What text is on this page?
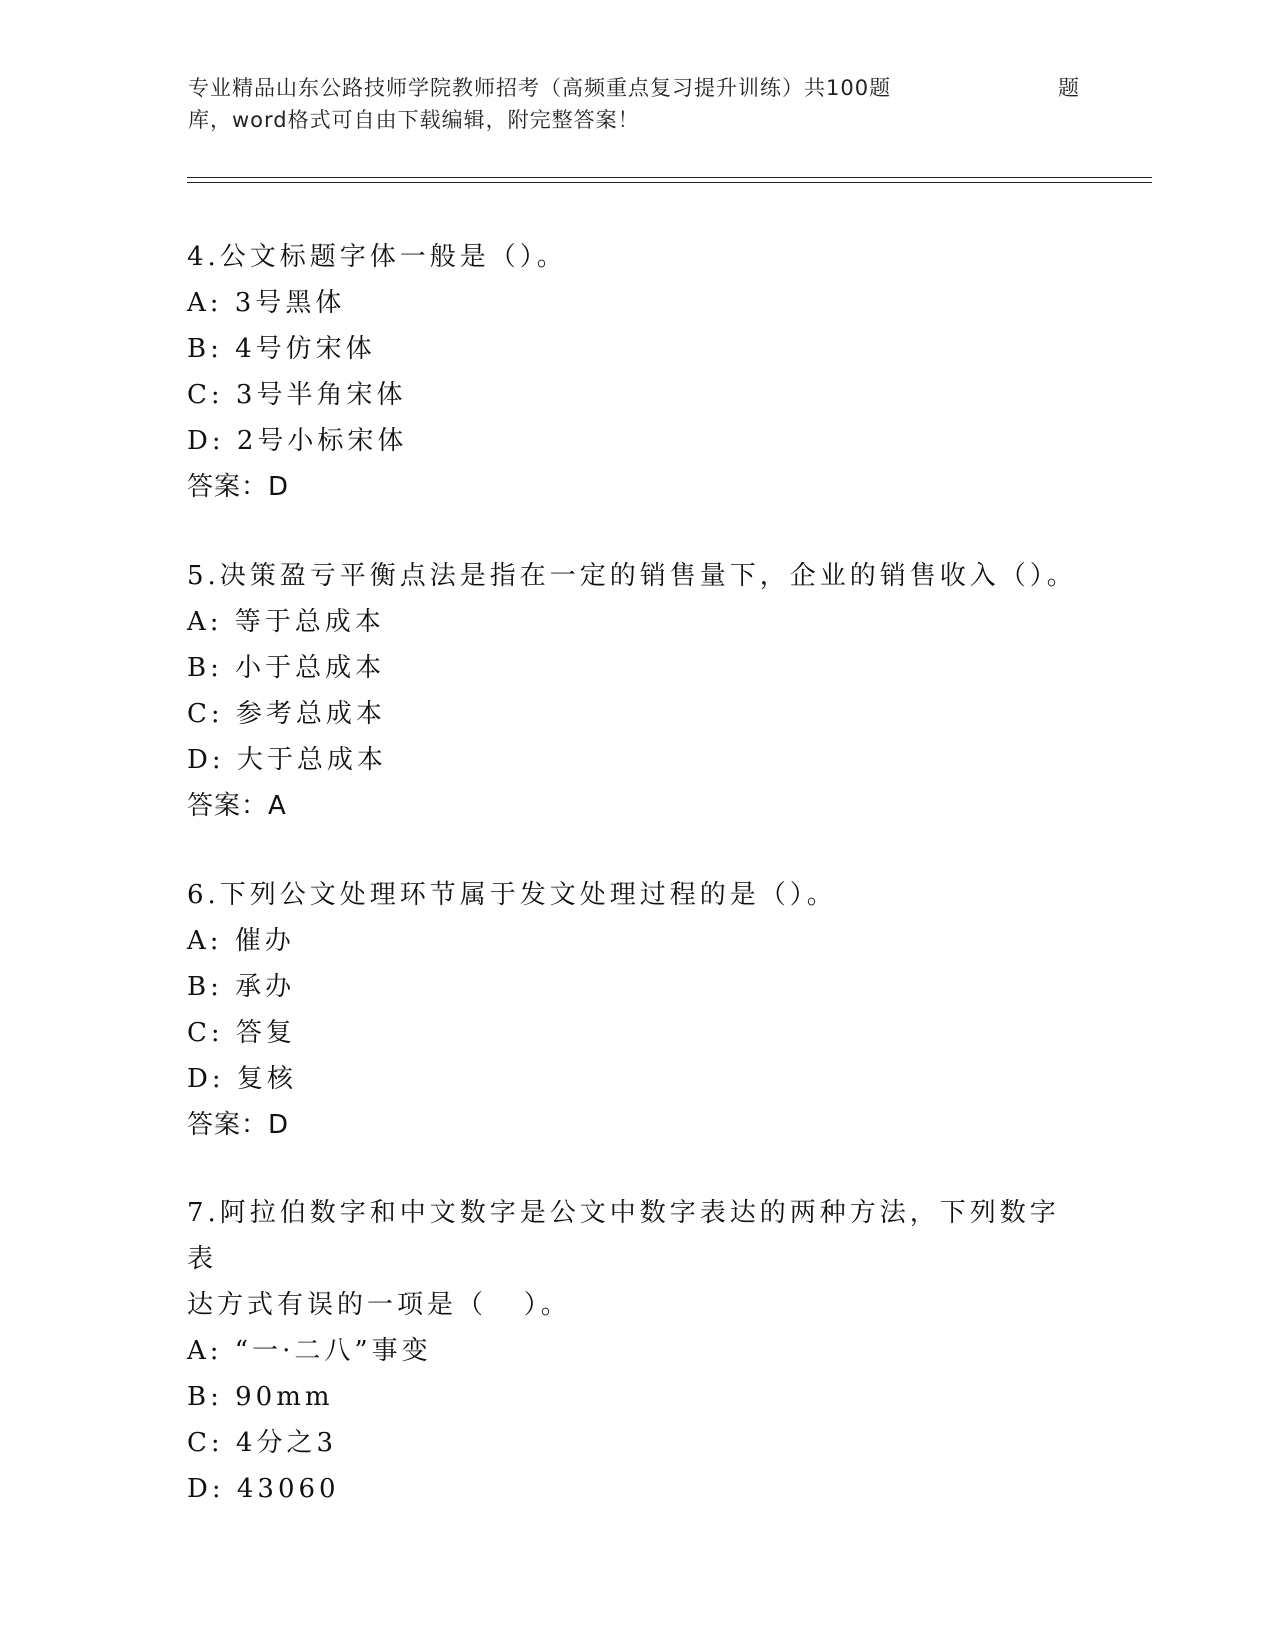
专业精品山东公路技师学院教师招考（高频重点复习提升训练）共100题	题
库，word格式可自由下载编辑，附完整答案！

4.公文标题字体一般是（）。

A: 3号黑体

B: 4号仿宋体

C: 3号半角宋体

D: 2号小标宋体

答案：D

5.决策盈亏平衡点法是指在一定的销售量下，企业的销售收入（）。

A: 等于总成本

B: 小于总成本

C: 参考总成本

D: 大于总成本

答案：A

6.下列公文处理环节属于发文处理过程的是（）。

A: 催办

B: 承办

C: 答复

D: 复核

答案：D

7.阿拉伯数字和中文数字是公文中数字表达的两种方法，下列数字表

达方式有误的一项是（   ）。

A: “一·二八”事变

B: 90mm

C: 4分之3

D: 43060
